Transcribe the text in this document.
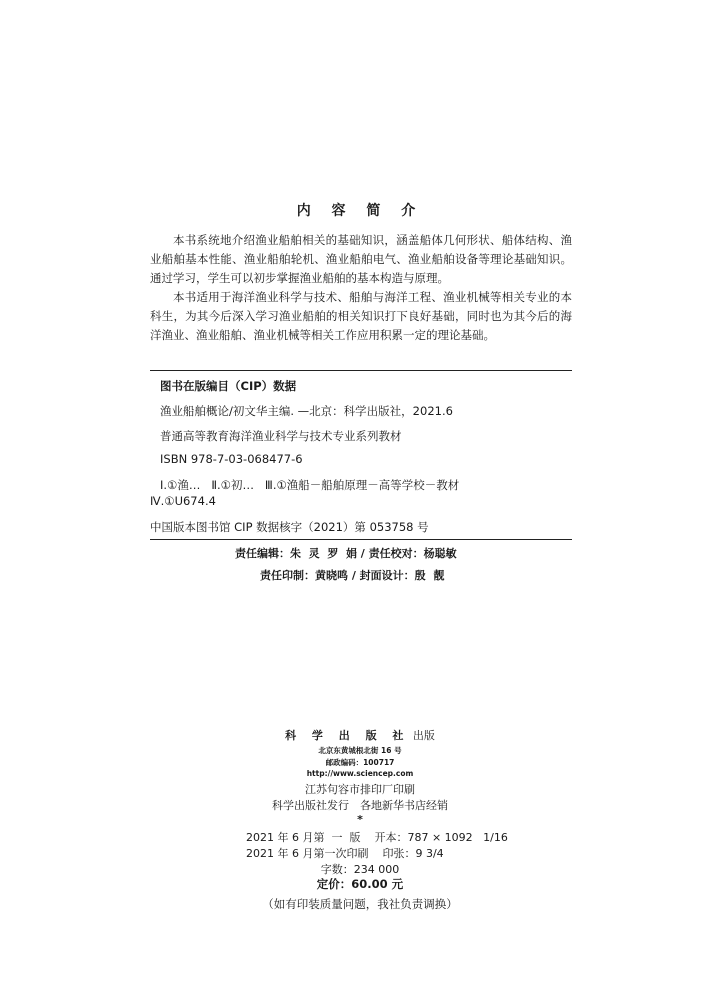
内 容 简 介

本书系统地介绍渔业船舶相关的基础知识，涵盖船体几何形状、船体结构、渔业船舶基本性能、渔业船舶轮机、渔业船舶电气、渔业船舶设备等理论基础知识。通过学习，学生可以初步掌握渔业船舶的基本构造与原理。

本书适用于海洋渔业科学与技术、船舶与海洋工程、渔业机械等相关专业的本科生，为其今后深入学习渔业船舶的相关知识打下良好基础，同时也为其今后的海洋渔业、渔业船舶、渔业机械等相关工作应用积累一定的理论基础。

图书在版编目（CIP）数据
渔业船舶概论/初文华主编. —北京：科学出版社，2021.6
普通高等教育海洋渔业科学与技术专业系列教材
ISBN 978-7-03-068477-6
Ⅰ.①渔…   Ⅱ.①初…   Ⅲ.①渔船－船舶原理－高等学校－教材
Ⅳ.①U674.4
中国版本图书馆 CIP 数据核字（2021）第 053758 号
责任编辑：朱  灵  罗  娟 / 责任校对：杨聪敏
责任印制：黄晓鸣 / 封面设计：殷  靓
科 学 出 版 社 出版
北京东黄城根北街 16 号
邮政编码：100717
http://www.sciencep.com
江苏句容市排印厂印刷
科学出版社发行　各地新华书店经销
*
2021 年 6 月第  一  版    开本：787 × 1092   1/16
2021 年 6 月第一次印刷    印张：9 3/4
字数：234 000
定价：60.00 元
（如有印装质量问题，我社负责调换）
